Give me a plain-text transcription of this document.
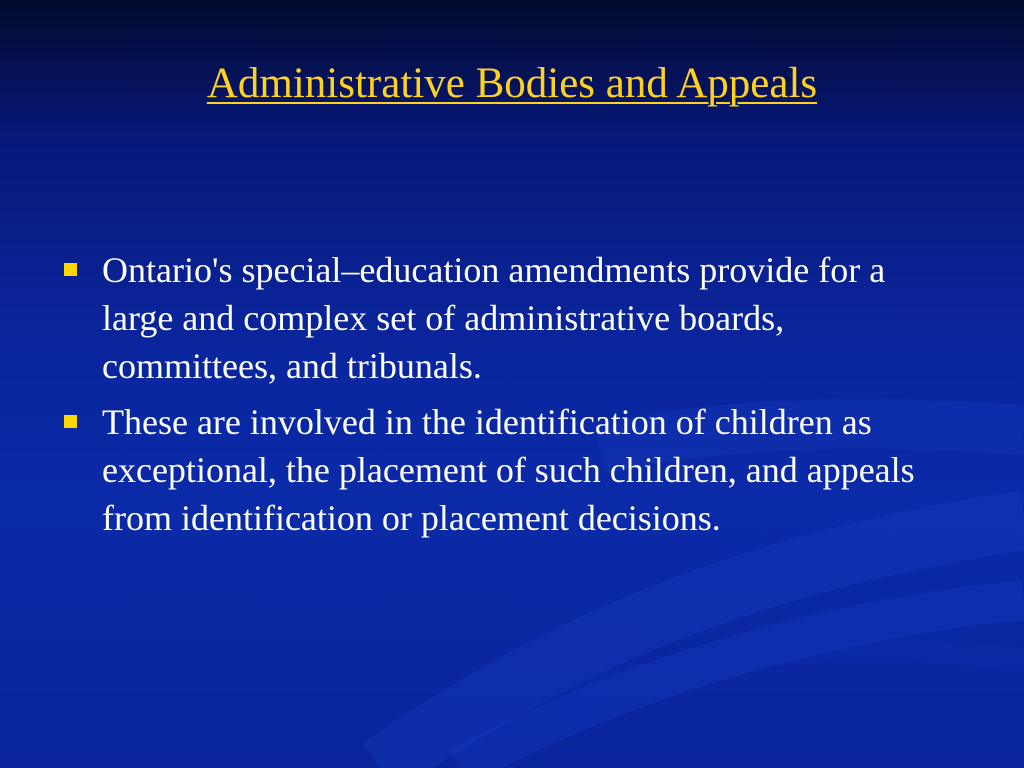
Administrative Bodies and Appeals
Ontario's special–education amendments provide for a large and complex set of administrative boards, committees, and tribunals.
These are involved in the identification of children as exceptional, the placement of such children, and appeals from identification or placement decisions.
